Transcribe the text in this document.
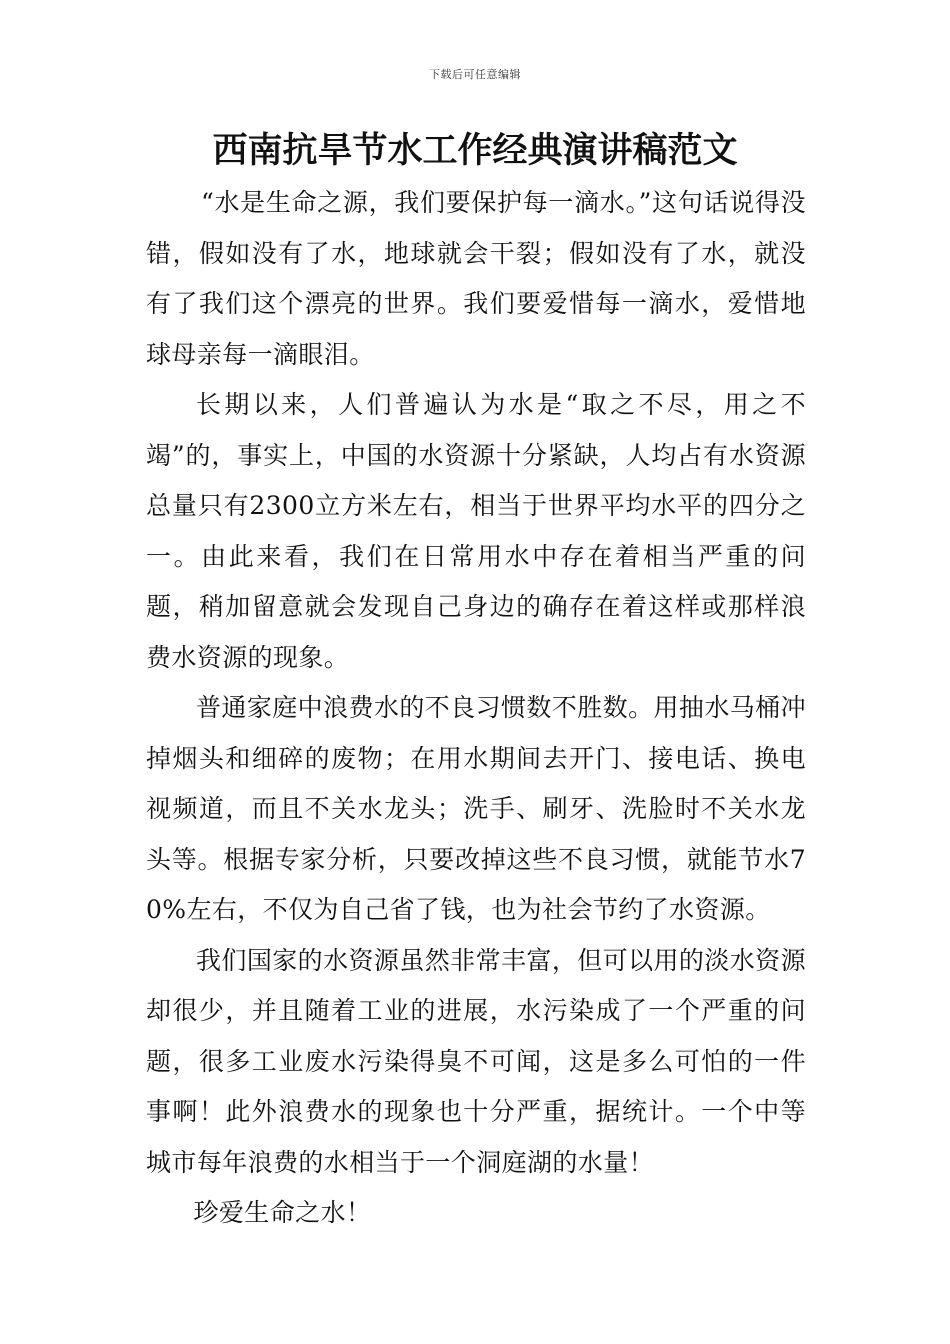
下载后可任意编辑
西南抗旱节水工作经典演讲稿范文

“水是生命之源，我们要保护每一滴水。”这句话说得没错，假如没有了水，地球就会干裂；假如没有了水，就没有了我们这个漂亮的世界。我们要爱惜每一滴水，爱惜地球母亲每一滴眼泪。

长期以来，人们普遍认为水是“取之不尽，用之不竭”的，事实上，中国的水资源十分紧缺，人均占有水资源总量只有2300立方米左右，相当于世界平均水平的四分之一。由此来看，我们在日常用水中存在着相当严重的问题，稍加留意就会发现自己身边的确存在着这样或那样浪费水资源的现象。

普通家庭中浪费水的不良习惯数不胜数。用抽水马桶冲掉烟头和细碎的废物；在用水期间去开门、接电话、换电视频道，而且不关水龙头；洗手、刷牙、洗脸时不关水龙头等。根据专家分析，只要改掉这些不良习惯，就能节水70%左右，不仅为自己省了钱，也为社会节约了水资源。

我们国家的水资源虽然非常丰富，但可以用的淡水资源却很少，并且随着工业的进展，水污染成了一个严重的问题，很多工业废水污染得臭不可闻，这是多么可怕的一件事啊！此外浪费水的现象也十分严重，据统计。一个中等城市每年浪费的水相当于一个洞庭湖的水量！

珍爱生命之水！
